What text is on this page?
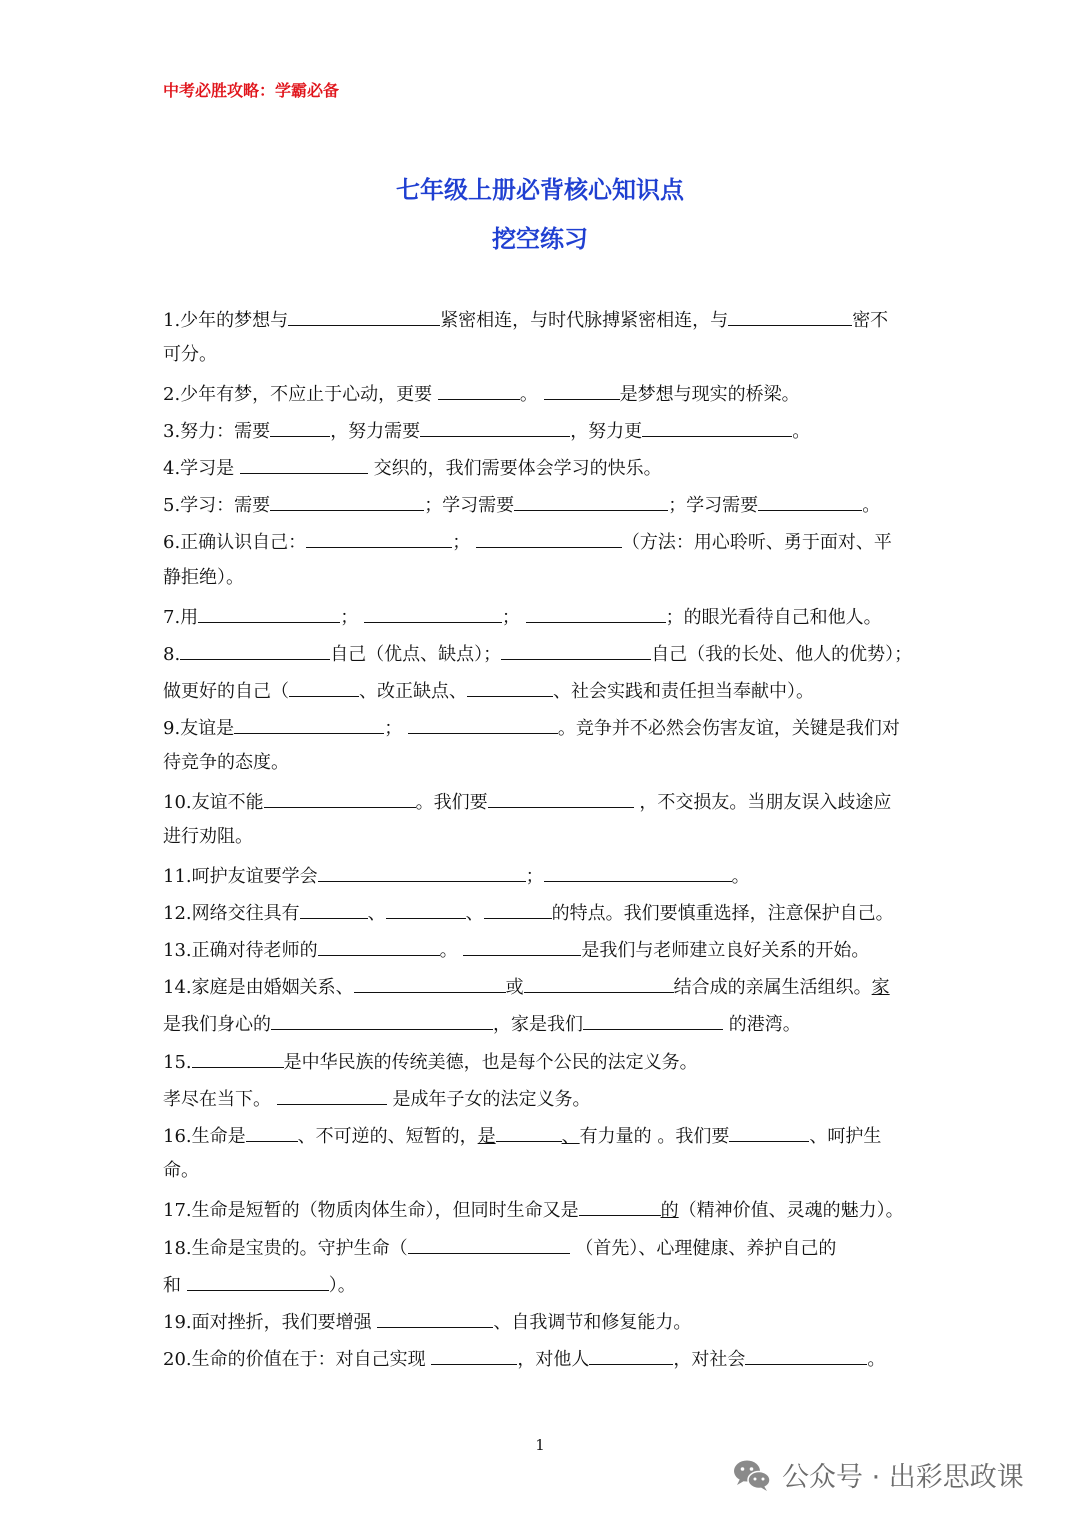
中考必胜攻略：学霸必备
七年级上册必背核心知识点
挖空练习
1.少年的梦想与	紧密相连，与时代脉搏紧密相连，与	密不
可分。
2.少年有梦，不应止于心动，更要	。	是梦想与现实的桥梁。
3.努力：需要	，努力需要	，努力更	。
4.学习是	交织的，我们需要体会学习的快乐。
5.学习：需要	；学习需要	；学习需要	。
6.正确认识自己：	；	（方法：用心聆听、勇于面对、平
静拒绝）。
7.用	；	；	；的眼光看待自己和他人。
8.	自己（优点、缺点）；	自己（我的长处、他人的优势）；
做更好的自己（	、改正缺点、	、社会实践和责任担当奉献中）。
9.友谊是	；	。竞争并不必然会伤害友谊，关键是我们对
待竞争的态度。
10.友谊不能	。我们要	，不交损友。当朋友误入歧途应
进行劝阻。
11.呵护友谊要学会	；	。
12.网络交往具有	、	、	的特点。我们要慎重选择，注意保护自己。
13.正确对待老师的	。	是我们与老师建立良好关系的开始。
14.家庭是由婚姻关系、	或	结合成的亲属生活组织。家
是我们身心的	，家是我们	的港湾。
15.	是中华民族的传统美德，也是每个公民的法定义务。
孝尽在当下。	是成年子女的法定义务。
16.生命是	、不可逆的、短暂的，是	、有力量的 。我们要	、呵护生
命。
17.生命是短暂的（物质肉体生命），但同时生命又是	的（精神价值、灵魂的魅力）。
18.生命是宝贵的。守护生命（	（首先）、心理健康、养护自己的
和	）。
19.面对挫折，我们要增强	、自我调节和修复能力。
20.生命的价值在于：对自己实现	，对他人	，对社会	。
1
公众号 · 出彩思政课
